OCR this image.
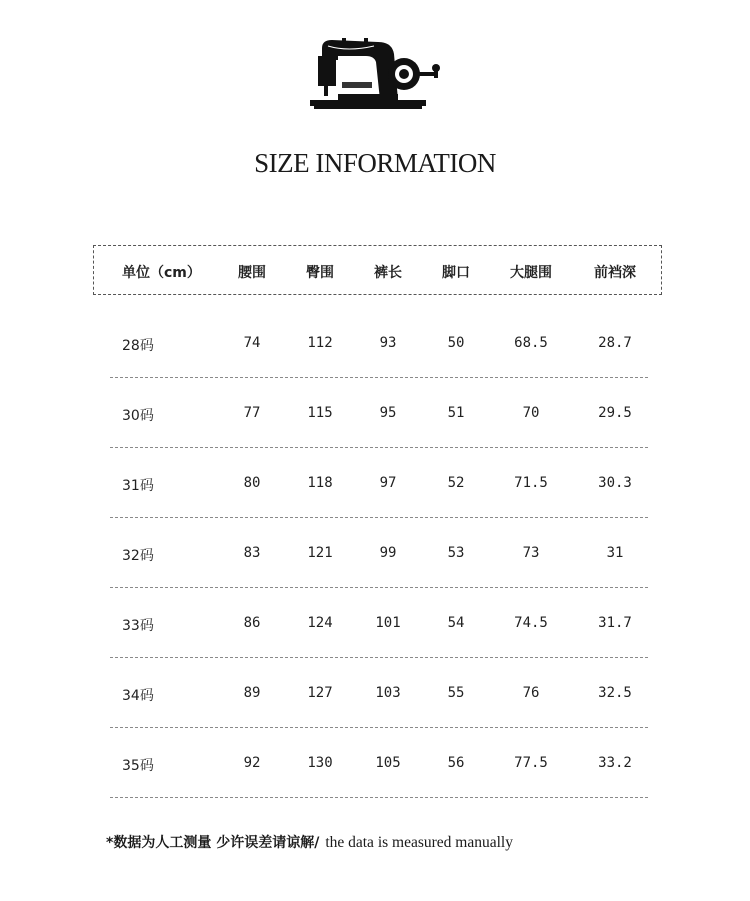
SIZE INFORMATION
单位（cm）	腰围	臀围	裤长	脚口	大腿围	前裆深
28码	74	112	93	50	68.5	28.7
30码	77	115	95	51	70	29.5
31码	80	118	97	52	71.5	30.3
32码	83	121	99	53	73	31
33码	86	124	101	54	74.5	31.7
34码	89	127	103	55	76	32.5
35码	92	130	105	56	77.5	33.2
*数据为人工测量 少许误差请谅解/ the data is measured manually
